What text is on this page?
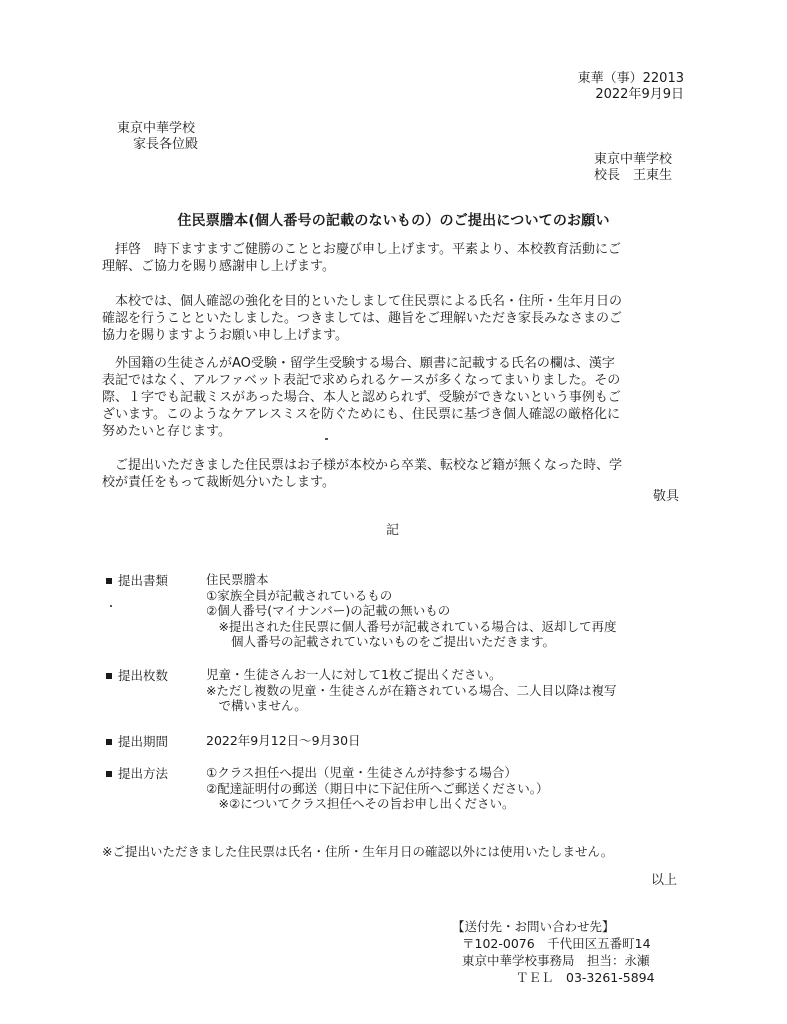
東華（事）22013
2022年9月9日
東京中華学校
家長各位殿
東京中華学校
校長　王東生
住民票謄本(個人番号の記載のないもの）のご提出についてのお願い
　拝啓　時下ますますご健勝のこととお慶び申し上げます。平素より、本校教育活動にご
理解、ご協力を賜り感謝申し上げます。
　本校では、個人確認の強化を目的といたしまして住民票による氏名・住所・生年月日の
確認を行うことといたしました。つきましては、趣旨をご理解いただき家長みなさまのご
協力を賜りますようお願い申し上げます。
　外国籍の生徒さんがAO受験・留学生受験する場合、願書に記載する氏名の欄は、漢字
表記ではなく、アルファベット表記で求められるケースが多くなってまいりました。その
際、１字でも記載ミスがあった場合、本人と認められず、受験ができないという事例もご
ざいます。このようなケアレスミスを防ぐためにも、住民票に基づき個人確認の厳格化に
努めたいと存じます。
　ご提出いただきました住民票はお子様が本校から卒業、転校など籍が無くなった時、学
校が責任をもって裁断処分いたします。
敬具
記
提出書類	住民票謄本
①家族全員が記載されているもの
②個人番号(マイナンバー)の記載の無いもの
　※提出された住民票に個人番号が記載されている場合は、返却して再度
　　個人番号の記載されていないものをご提出いただきます。
提出枚数	児童・生徒さんお一人に対して1枚ご提出ください。
※ただし複数の児童・生徒さんが在籍されている場合、二人目以降は複写
　で構いません。
提出期間	2022年9月12日～9月30日
提出方法	①クラス担任へ提出（児童・生徒さんが持参する場合）
②配達証明付の郵送（期日中に下記住所へご郵送ください。）
　※②についてクラス担任へその旨お申し出ください。
※ご提出いただきました住民票は氏名・住所・生年月日の確認以外には使用いたしません。
以上
【送付先・お問い合わせ先】
〒102-0076　千代田区五番町14
東京中華学校事務局　担当：永瀬
ＴＥＬ　03-3261-5894
